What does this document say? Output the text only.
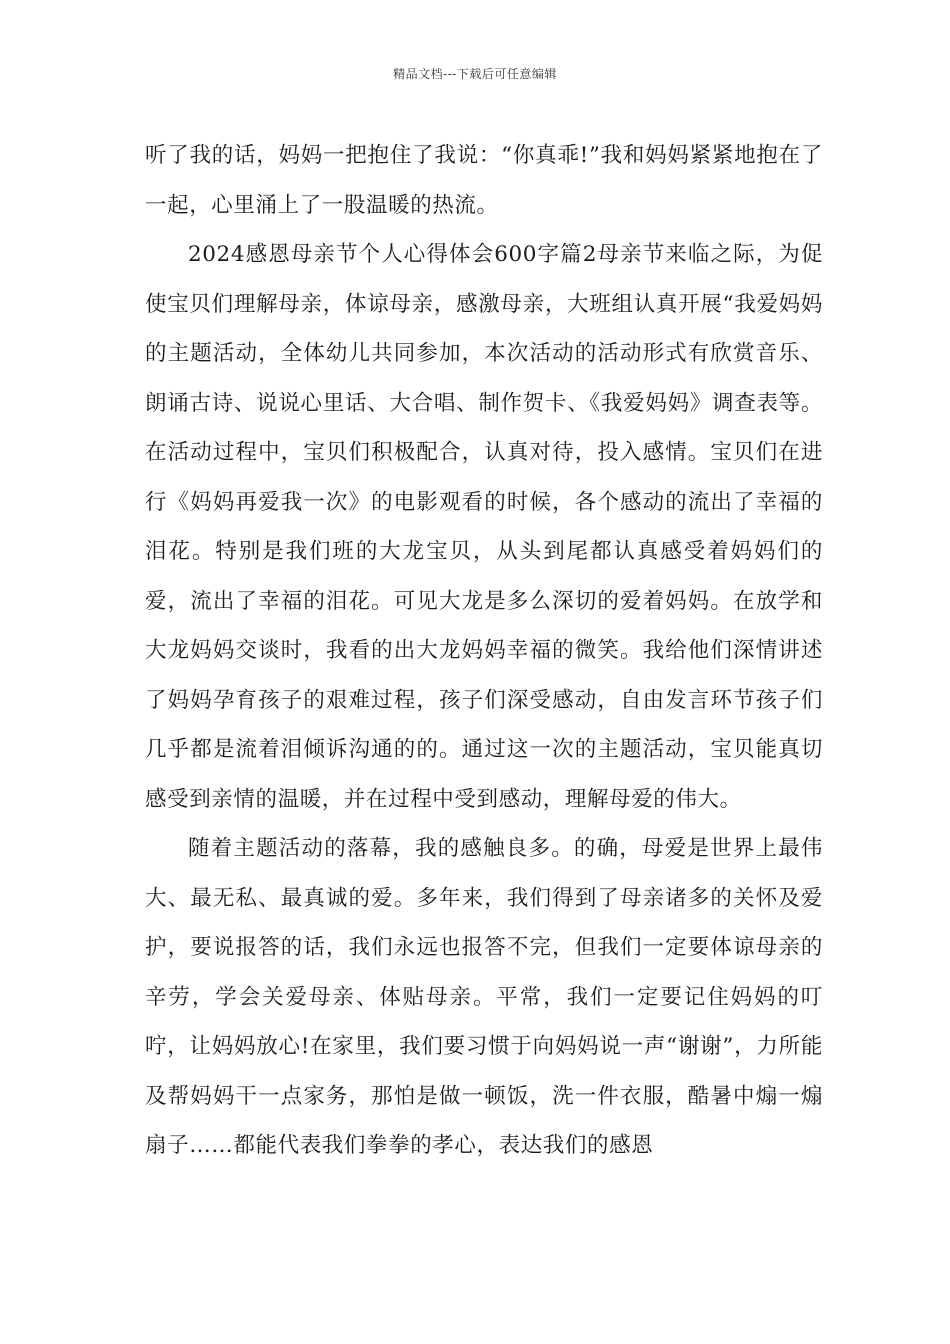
精品文档---下载后可任意编辑

听了我的话，妈妈一把抱住了我说：“你真乖!”我和妈妈紧紧地抱在了一起，心里涌上了一股温暖的热流。

2024感恩母亲节个人心得体会600字篇2母亲节来临之际，为促使宝贝们理解母亲，体谅母亲，感激母亲，大班组认真开展“我爱妈妈的主题活动，全体幼儿共同参加，本次活动的活动形式有欣赏音乐、朗诵古诗、说说心里话、大合唱、制作贺卡、《我爱妈妈》调查表等。在活动过程中，宝贝们积极配合，认真对待，投入感情。宝贝们在进行《妈妈再爱我一次》的电影观看的时候，各个感动的流出了幸福的泪花。特别是我们班的大龙宝贝，从头到尾都认真感受着妈妈们的爱，流出了幸福的泪花。可见大龙是多么深切的爱着妈妈。在放学和大龙妈妈交谈时，我看的出大龙妈妈幸福的微笑。我给他们深情讲述了妈妈孕育孩子的艰难过程，孩子们深受感动，自由发言环节孩子们几乎都是流着泪倾诉沟通的的。通过这一次的主题活动，宝贝能真切感受到亲情的温暖，并在过程中受到感动，理解母爱的伟大。

随着主题活动的落幕，我的感触良多。的确，母爱是世界上最伟大、最无私、最真诚的爱。多年来，我们得到了母亲诸多的关怀及爱护，要说报答的话，我们永远也报答不完，但我们一定要体谅母亲的辛劳，学会关爱母亲、体贴母亲。平常，我们一定要记住妈妈的叮咛，让妈妈放心!在家里，我们要习惯于向妈妈说一声“谢谢”，力所能及帮妈妈干一点家务，那怕是做一顿饭，洗一件衣服，酷暑中煽一煽扇子……都能代表我们拳拳的孝心，表达我们的感恩
